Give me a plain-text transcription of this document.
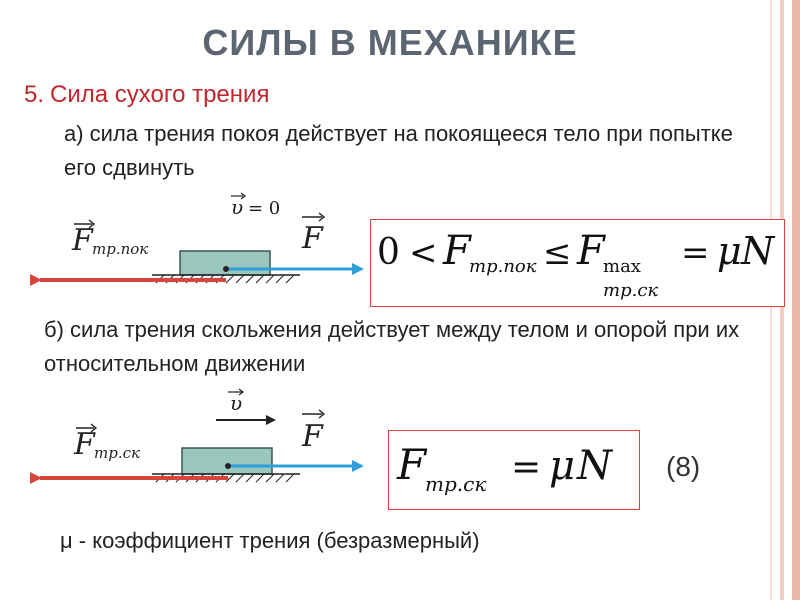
СИЛЫ В МЕХАНИКЕ
5. Сила сухого трения
а) сила трения покоя действует на покоящееся тело при попытке его сдвинуть
υ = 0
F тр.пок	F 0 < F
тр.пок ≤ F
max
тр.ск
= μ N
б) сила трения скольжения действует между телом и опорой при их относительном движении
υ
F тр.ск	F
F
тр.ск = μ N (8)
μ - коэффициент трения (безразмерный)
